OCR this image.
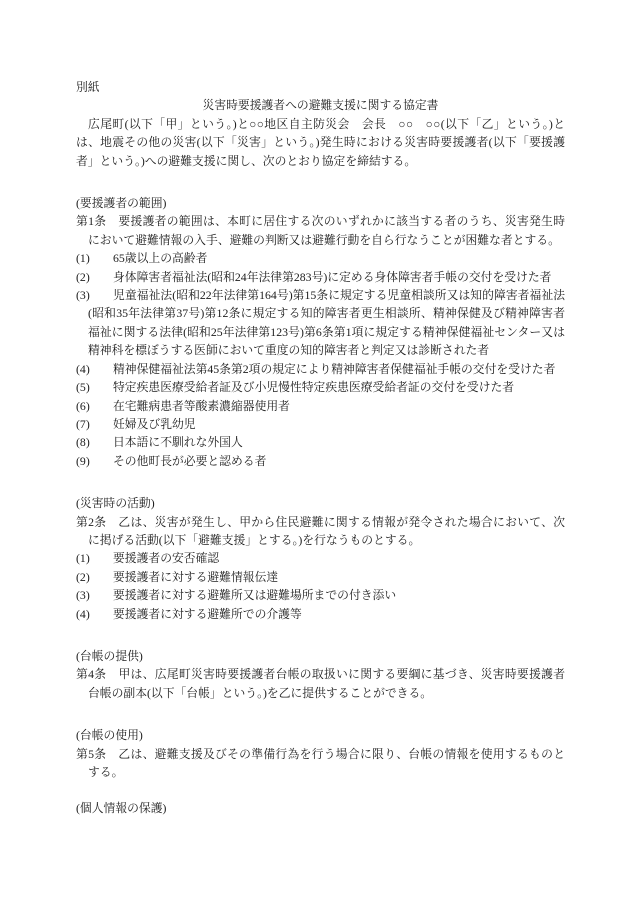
別紙
災害時要援護者への避難支援に関する協定書

広尾町(以下「甲」という。)と○○地区自主防災会　会長　○○　○○(以下「乙」という。)とは、地震その他の災害(以下「災害」という。)発生時における災害時要援護者(以下「要援護者」という。)への避難支援に関し、次のとおり協定を締結する。

(要援護者の範囲)

第1条　要援護者の範囲は、本町に居住する次のいずれかに該当する者のうち、災害発生時において避難情報の入手、避難の判断又は避難行動を自ら行なうことが困難な者とする。

(1) 65歳以上の高齢者
(2) 身体障害者福祉法(昭和24年法律第283号)に定める身体障害者手帳の交付を受けた者
(3) 児童福祉法(昭和22年法律第164号)第15条に規定する児童相談所又は知的障害者福祉法(昭和35年法律第37号)第12条に規定する知的障害者更生相談所、精神保健及び精神障害者福祉に関する法律(昭和25年法律第123号)第6条第1項に規定する精神保健福祉センター又は精神科を標ぼうする医師において重度の知的障害者と判定又は診断された者
(4) 精神保健福祉法第45条第2項の規定により精神障害者保健福祉手帳の交付を受けた者
(5) 特定疾患医療受給者証及び小児慢性特定疾患医療受給者証の交付を受けた者
(6) 在宅難病患者等酸素濃縮器使用者
(7) 妊婦及び乳幼児
(8) 日本語に不馴れな外国人
(9) その他町長が必要と認める者
(災害時の活動)

第2条　乙は、災害が発生し、甲から住民避難に関する情報が発令された場合において、次に掲げる活動(以下「避難支援」とする。)を行なうものとする。

(1) 要援護者の安否確認
(2) 要援護者に対する避難情報伝達
(3) 要援護者に対する避難所又は避難場所までの付き添い
(4) 要援護者に対する避難所での介護等
(台帳の提供)

第4条　甲は、広尾町災害時要援護者台帳の取扱いに関する要綱に基づき、災害時要援護者台帳の副本(以下「台帳」という。)を乙に提供することができる。

(台帳の使用)

第5条　乙は、避難支援及びその準備行為を行う場合に限り、台帳の情報を使用するものとする。

(個人情報の保護)
